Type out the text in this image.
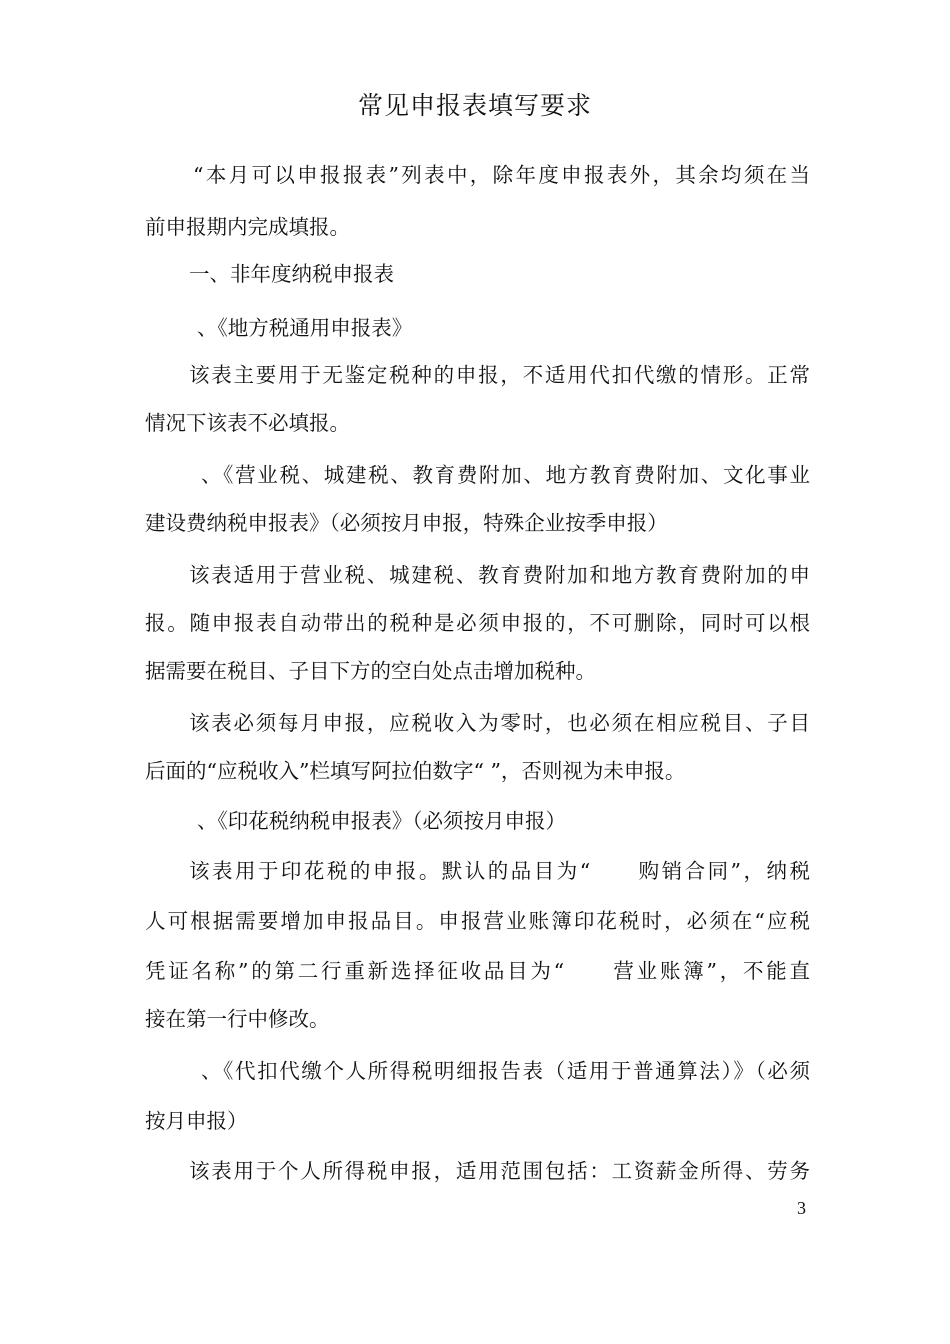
常见申报表填写要求
“本月可以申报报表”列表中，除年度申报表外，其余均须在当
前申报期内完成填报。
一、非年度纳税申报表
、《地方税通用申报表》
该表主要用于无鉴定税种的申报，不适用代扣代缴的情形。正常
情况下该表不必填报。
、《营业税、城建税、教育费附加、地方教育费附加、文化事业
建设费纳税申报表》（必须按月申报，特殊企业按季申报）
该表适用于营业税、城建税、教育费附加和地方教育费附加的申
报。随申报表自动带出的税种是必须申报的，不可删除，同时可以根
据需要在税目、子目下方的空白处点击增加税种。
该表必须每月申报，应税收入为零时，也必须在相应税目、子目
后面的“应税收入”栏填写阿拉伯数字“ ”，否则视为未申报。
、《印花税纳税申报表》（必须按月申报）
该表用于印花税的申报。默认的品目为“　　购销合同”，纳税
人可根据需要增加申报品目。申报营业账簿印花税时，必须在“应税
凭证名称”的第二行重新选择征收品目为“　　营业账簿”，不能直
接在第一行中修改。
、《代扣代缴个人所得税明细报告表（适用于普通算法）》（必须
按月申报）
该表用于个人所得税申报，适用范围包括：工资薪金所得、劳务
3
